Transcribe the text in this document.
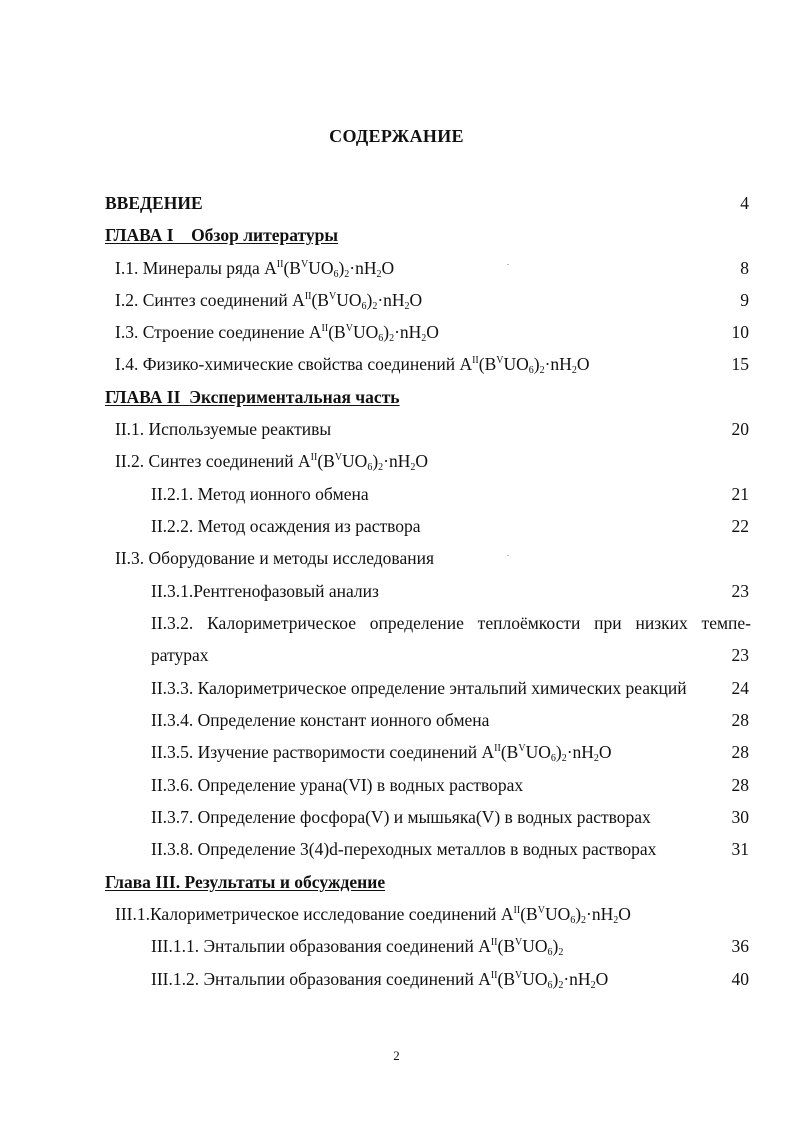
СОДЕРЖАНИЕ
ВВЕДЕНИЕ	4
ГЛАВА I    Обзор литературы
I.1. Минералы ряда $A^{II}(B^VUO_6)_2\cdot nH_2O$	8
I.2. Синтез соединений $A^{II}(B^VUO_6)_2\cdot nH_2O$	9
I.3. Строение соединение $A^{II}(B^VUO_6)_2\cdot nH_2O$	10
I.4. Физико-химические свойства соединений $A^{II}(B^VUO_6)_2\cdot nH_2O$	15
ГЛАВА II  Экспериментальная часть
II.1. Используемые реактивы	20
II.2. Синтез соединений $A^{II}(B^VUO_6)_2\cdot nH_2O$
II.2.1. Метод ионного обмена	21
II.2.2. Метод осаждения из раствора	22
II.3. Оборудование и методы исследования
II.3.1.Рентгенофазовый анализ	23
II.3.2. Калориметрическое определение теплоёмкости при низких темпе-
ратурах	23
II.3.3. Калориметрическое определение энтальпий химических реакций	24
II.3.4. Определение констант ионного обмена	28
II.3.5. Изучение растворимости соединений $A^{II}(B^VUO_6)_2\cdot nH_2O$	28
II.3.6. Определение урана(VI) в водных растворах	28
II.3.7. Определение фосфора(V) и мышьяка(V) в водных растворах	30
II.3.8. Определение 3(4)d-переходных металлов в водных растворах	31
Глава III. Результаты и обсуждение
III.1.Калориметрическое исследование соединений $A^{II}(B^VUO_6)_2\cdot nH_2O$
III.1.1. Энтальпии образования соединений $A^{II}(B^VUO_6)_2$	36
III.1.2. Энтальпии образования соединений $A^{II}(B^VUO_6)_2\cdot nH_2O$	40
2
